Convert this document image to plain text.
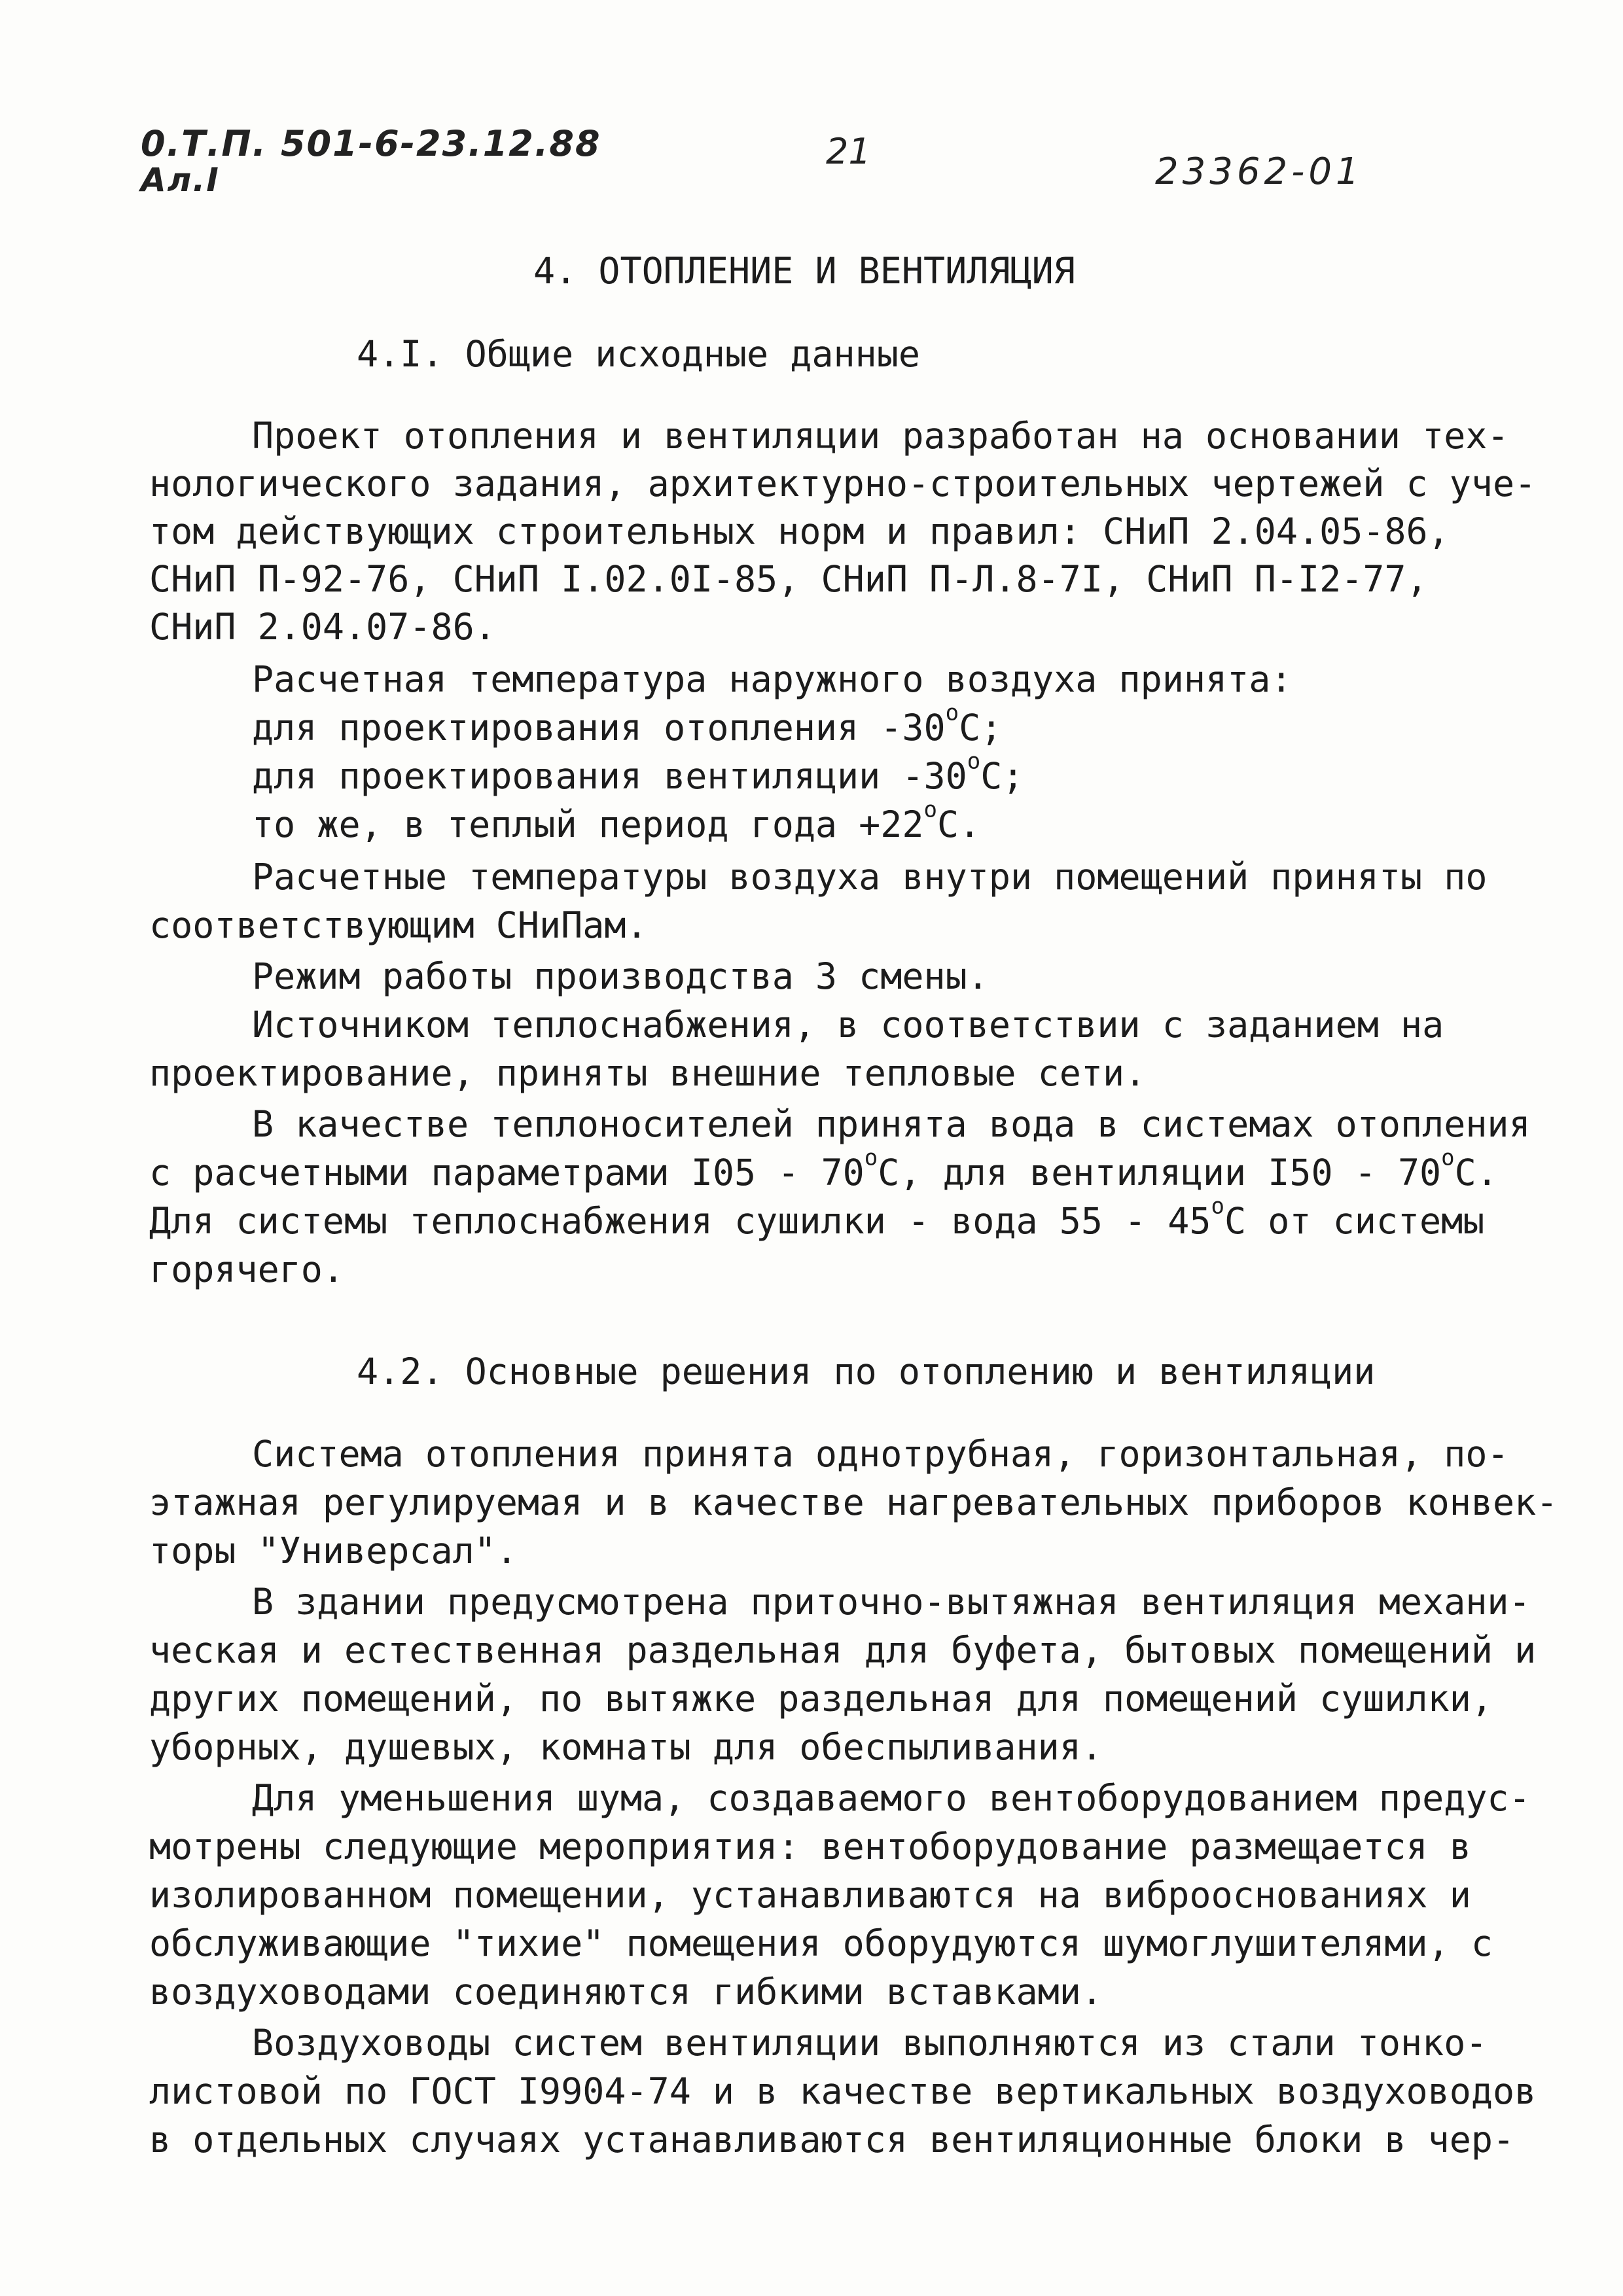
0.Т.П. 501-6-23.12.88
Ал.I
21	23362-01
4. ОТОПЛЕНИЕ И ВЕНТИЛЯЦИЯ
4.I. Общие исходные данные
Проект отопления и вентиляции разработан на основании тех-
нологического задания, архитектурно-строительных чертежей с уче-
том действующих строительных норм и правил: СНиП 2.04.05-86,
СНиП П-92-76, СНиП I.02.0I-85, СНиП П-Л.8-7I, СНиП П-I2-77,
СНиП 2.04.07-86.
Расчетная температура наружного воздуха принята:
для проектирования отопления -30$^o$C;
для проектирования вентиляции -30$^o$C;
то же, в теплый период года $+22^oC$.
Расчетные температуры воздуха внутри помещений приняты по
соответствующим СНиПам.
Режим работы производства 3 смены.
Источником теплоснабжения, в соответствии с заданием на
проектирование, приняты внешние тепловые сети.
В качестве теплоносителей принята вода в системах отопления
с расчетными параметрами I05 - 70$^o$C, для вентиляции I50 - 70$^o$C.
Для системы теплоснабжения сушилки - вода 55 - 45$^o$C от системы
горячего.
4.2. Основные решения по отоплению и вентиляции
Система отопления принята однотрубная, горизонтальная, по-
этажная регулируемая и в качестве нагревательных приборов конвек-
торы "Универсал".
В здании предусмотрена приточно-вытяжная вентиляция механи-
ческая и естественная раздельная для буфета, бытовых помещений и
других помещений, по вытяжке раздельная для помещений сушилки,
уборных, душевых, комнаты для обеспыливания.
Для уменьшения шума, создаваемого вентоборудованием предус-
мотрены следующие мероприятия: вентоборудование размещается в
изолированном помещении, устанавливаются на виброоснованиях и
обслуживающие "тихие" помещения оборудуются шумоглушителями, с
воздуховодами соединяются гибкими вставками.
Воздуховоды систем вентиляции выполняются из стали тонко-
листовой по ГОСТ I9904-74 и в качестве вертикальных воздуховодов
в отдельных случаях устанавливаются вентиляционные блоки в чер-
